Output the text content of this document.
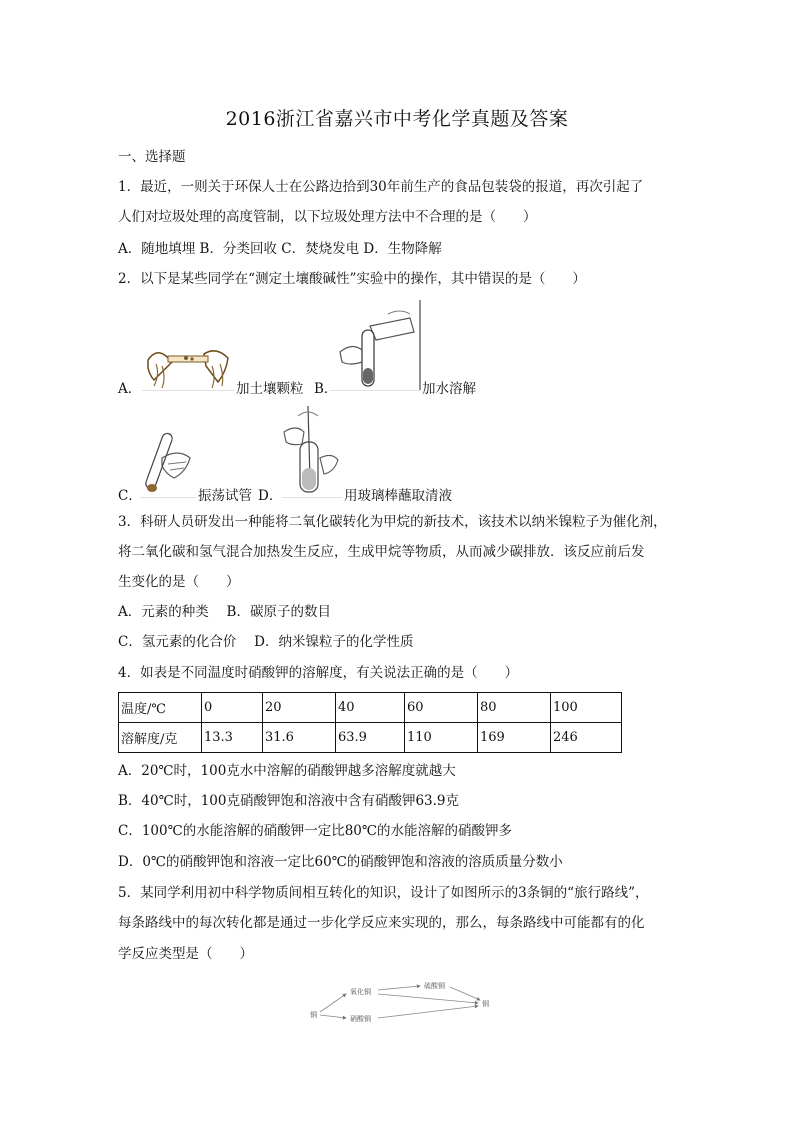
2016浙江省嘉兴市中考化学真题及答案
一、选择题
1．最近，一则关于环保人士在公路边拾到30年前生产的食品包装袋的报道，再次引起了
人们对垃圾处理的高度管制，以下垃圾处理方法中不合理的是（　　）
A．随地填埋 B．分类回收 C．焚烧发电 D．生物降解
2．以下是某些同学在“测定土壤酸碱性”实验中的操作，其中错误的是（　　）
A．	加土壤颗粒 B．	加水溶解
C．	振荡试管 D．	用玻璃棒蘸取清液
3．科研人员研发出一种能将二氧化碳转化为甲烷的新技术，该技术以纳米镍粒子为催化剂，
将二氧化碳和氢气混合加热发生反应，生成甲烷等物质，从而减少碳排放．该反应前后发
生变化的是（　　）
A．元素的种类　 B．碳原子的数目
C．氢元素的化合价　 D．纳米镍粒子的化学性质
4．如表是不同温度时硝酸钾的溶解度，有关说法正确的是（　　）
温度/℃	0	20	40	60	80	100
溶解度/克	13.3	31.6	63.9	110	169	246
A．20℃时，100克水中溶解的硝酸钾越多溶解度就越大
B．40℃时，100克硝酸钾饱和溶液中含有硝酸钾63.9克
C．100℃的水能溶解的硝酸钾一定比80℃的水能溶解的硝酸钾多
D．0℃的硝酸钾饱和溶液一定比60℃的硝酸钾饱和溶液的溶质质量分数小
5．某同学利用初中科学物质间相互转化的知识，设计了如图所示的3条铜的“旅行路线”，
每条路线中的每次转化都是通过一步化学反应来实现的，那么，每条路线中可能都有的化
学反应类型是（　　）
铜
氧化铜
硫酸铜
硝酸铜
铜
